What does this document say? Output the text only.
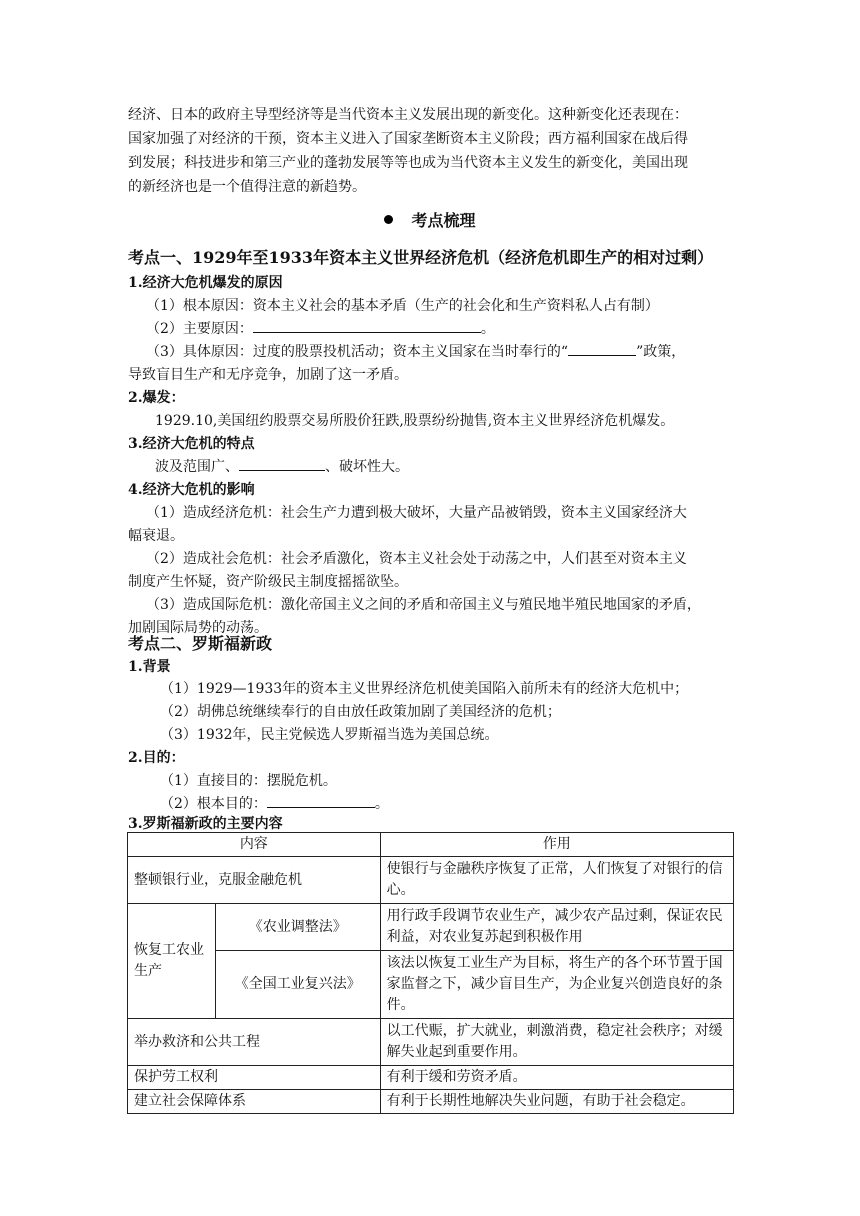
经济、日本的政府主导型经济等是当代资本主义发展出现的新变化。这种新变化还表现在：
国家加强了对经济的干预，资本主义进入了国家垄断资本主义阶段；西方福利国家在战后得
到发展；科技进步和第三产业的蓬勃发展等等也成为当代资本主义发生的新变化，美国出现
的新经济也是一个值得注意的新趋势。
考点梳理
考点一、1929年至1933年资本主义世界经济危机（经济危机即生产的相对过剩）
1.经济大危机爆发的原因
（1）根本原因：资本主义社会的基本矛盾（生产的社会化和生产资料私人占有制）
（2）主要原因：	。
（3）具体原因：过度的股票投机活动；资本主义国家在当时奉行的“	”政策，
导致盲目生产和无序竞争，加剧了这一矛盾。
2.爆发：
1929.10,美国纽约股票交易所股价狂跌,股票纷纷抛售,资本主义世界经济危机爆发。
3.经济大危机的特点
波及范围广、	、破坏性大。
4.经济大危机的影响
（1）造成经济危机：社会生产力遭到极大破坏，大量产品被销毁，资本主义国家经济大
幅衰退。
（2）造成社会危机：社会矛盾激化，资本主义社会处于动荡之中，人们甚至对资本主义
制度产生怀疑，资产阶级民主制度摇摇欲坠。
（3）造成国际危机：激化帝国主义之间的矛盾和帝国主义与殖民地半殖民地国家的矛盾，
加剧国际局势的动荡。
考点二、罗斯福新政
1.背景
（1）1929—1933年的资本主义世界经济危机使美国陷入前所未有的经济大危机中；
（2）胡佛总统继续奉行的自由放任政策加剧了美国经济的危机；
（3）1932年，民主党候选人罗斯福当选为美国总统。
2.目的：
（1）直接目的：摆脱危机。
（2）根本目的：	。
3.罗斯福新政的主要内容
内容		作用
整顿银行业，克服金融危机		使银行与金融秩序恢复了正常，人们恢复了对银行的信心。
恢复工农业生产	《农业调整法》	用行政手段调节农业生产，减少农产品过剩，保证农民利益，对农业复苏起到积极作用
	《全国工业复兴法》	该法以恢复工业生产为目标，将生产的各个环节置于国家监督之下，减少盲目生产，为企业复兴创造良好的条件。
举办救济和公共工程		以工代赈，扩大就业，刺激消费，稳定社会秩序；对缓解失业起到重要作用。
保护劳工权利		有利于缓和劳资矛盾。
建立社会保障体系		有利于长期性地解决失业问题，有助于社会稳定。
